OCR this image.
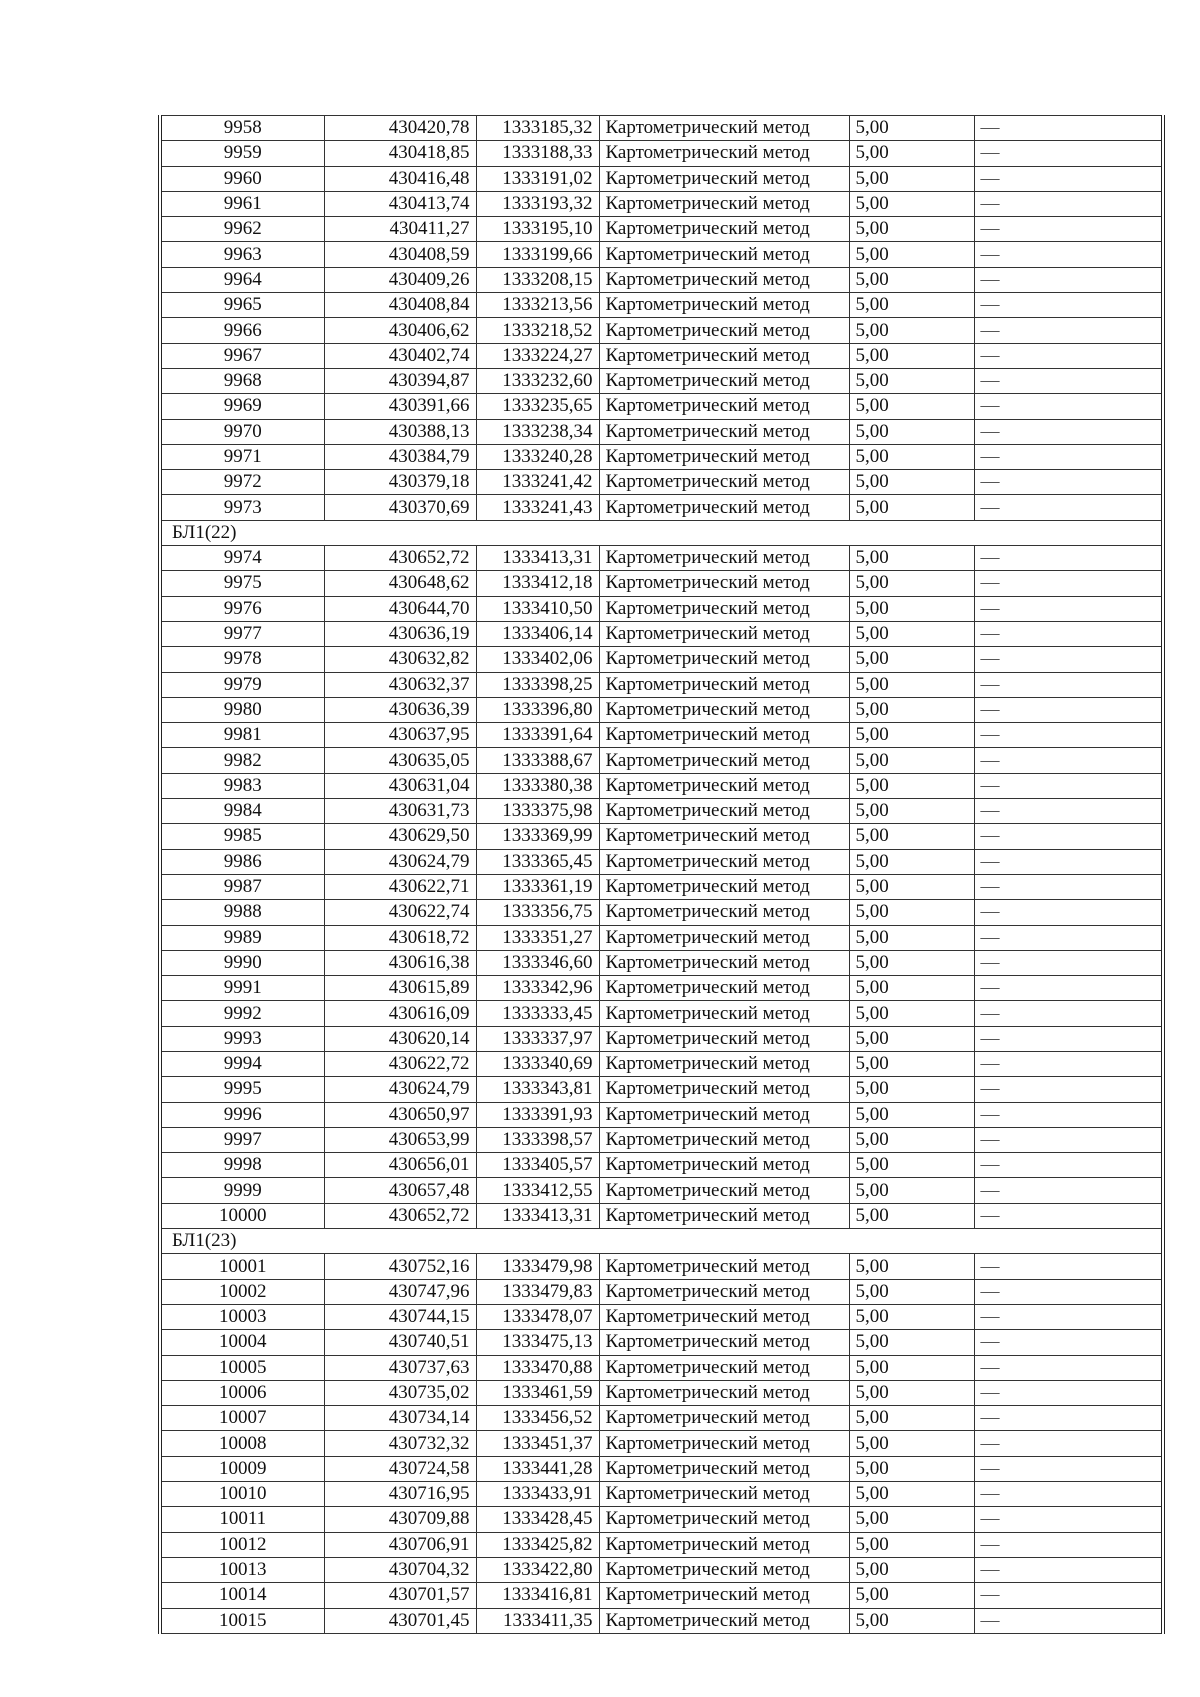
9958	430420,78	1333185,32	Картометрический метод	5,00	—
9959	430418,85	1333188,33	Картометрический метод	5,00	—
9960	430416,48	1333191,02	Картометрический метод	5,00	—
9961	430413,74	1333193,32	Картометрический метод	5,00	—
9962	430411,27	1333195,10	Картометрический метод	5,00	—
9963	430408,59	1333199,66	Картометрический метод	5,00	—
9964	430409,26	1333208,15	Картометрический метод	5,00	—
9965	430408,84	1333213,56	Картометрический метод	5,00	—
9966	430406,62	1333218,52	Картометрический метод	5,00	—
9967	430402,74	1333224,27	Картометрический метод	5,00	—
9968	430394,87	1333232,60	Картометрический метод	5,00	—
9969	430391,66	1333235,65	Картометрический метод	5,00	—
9970	430388,13	1333238,34	Картометрический метод	5,00	—
9971	430384,79	1333240,28	Картометрический метод	5,00	—
9972	430379,18	1333241,42	Картометрический метод	5,00	—
9973	430370,69	1333241,43	Картометрический метод	5,00	—
БЛ1(22)					
9974	430652,72	1333413,31	Картометрический метод	5,00	—
9975	430648,62	1333412,18	Картометрический метод	5,00	—
9976	430644,70	1333410,50	Картометрический метод	5,00	—
9977	430636,19	1333406,14	Картометрический метод	5,00	—
9978	430632,82	1333402,06	Картометрический метод	5,00	—
9979	430632,37	1333398,25	Картометрический метод	5,00	—
9980	430636,39	1333396,80	Картометрический метод	5,00	—
9981	430637,95	1333391,64	Картометрический метод	5,00	—
9982	430635,05	1333388,67	Картометрический метод	5,00	—
9983	430631,04	1333380,38	Картометрический метод	5,00	—
9984	430631,73	1333375,98	Картометрический метод	5,00	—
9985	430629,50	1333369,99	Картометрический метод	5,00	—
9986	430624,79	1333365,45	Картометрический метод	5,00	—
9987	430622,71	1333361,19	Картометрический метод	5,00	—
9988	430622,74	1333356,75	Картометрический метод	5,00	—
9989	430618,72	1333351,27	Картометрический метод	5,00	—
9990	430616,38	1333346,60	Картометрический метод	5,00	—
9991	430615,89	1333342,96	Картометрический метод	5,00	—
9992	430616,09	1333333,45	Картометрический метод	5,00	—
9993	430620,14	1333337,97	Картометрический метод	5,00	—
9994	430622,72	1333340,69	Картометрический метод	5,00	—
9995	430624,79	1333343,81	Картометрический метод	5,00	—
9996	430650,97	1333391,93	Картометрический метод	5,00	—
9997	430653,99	1333398,57	Картометрический метод	5,00	—
9998	430656,01	1333405,57	Картометрический метод	5,00	—
9999	430657,48	1333412,55	Картометрический метод	5,00	—
10000	430652,72	1333413,31	Картометрический метод	5,00	—
БЛ1(23)					
10001	430752,16	1333479,98	Картометрический метод	5,00	—
10002	430747,96	1333479,83	Картометрический метод	5,00	—
10003	430744,15	1333478,07	Картометрический метод	5,00	—
10004	430740,51	1333475,13	Картометрический метод	5,00	—
10005	430737,63	1333470,88	Картометрический метод	5,00	—
10006	430735,02	1333461,59	Картометрический метод	5,00	—
10007	430734,14	1333456,52	Картометрический метод	5,00	—
10008	430732,32	1333451,37	Картометрический метод	5,00	—
10009	430724,58	1333441,28	Картометрический метод	5,00	—
10010	430716,95	1333433,91	Картометрический метод	5,00	—
10011	430709,88	1333428,45	Картометрический метод	5,00	—
10012	430706,91	1333425,82	Картометрический метод	5,00	—
10013	430704,32	1333422,80	Картометрический метод	5,00	—
10014	430701,57	1333416,81	Картометрический метод	5,00	—
10015	430701,45	1333411,35	Картометрический метод	5,00	—
